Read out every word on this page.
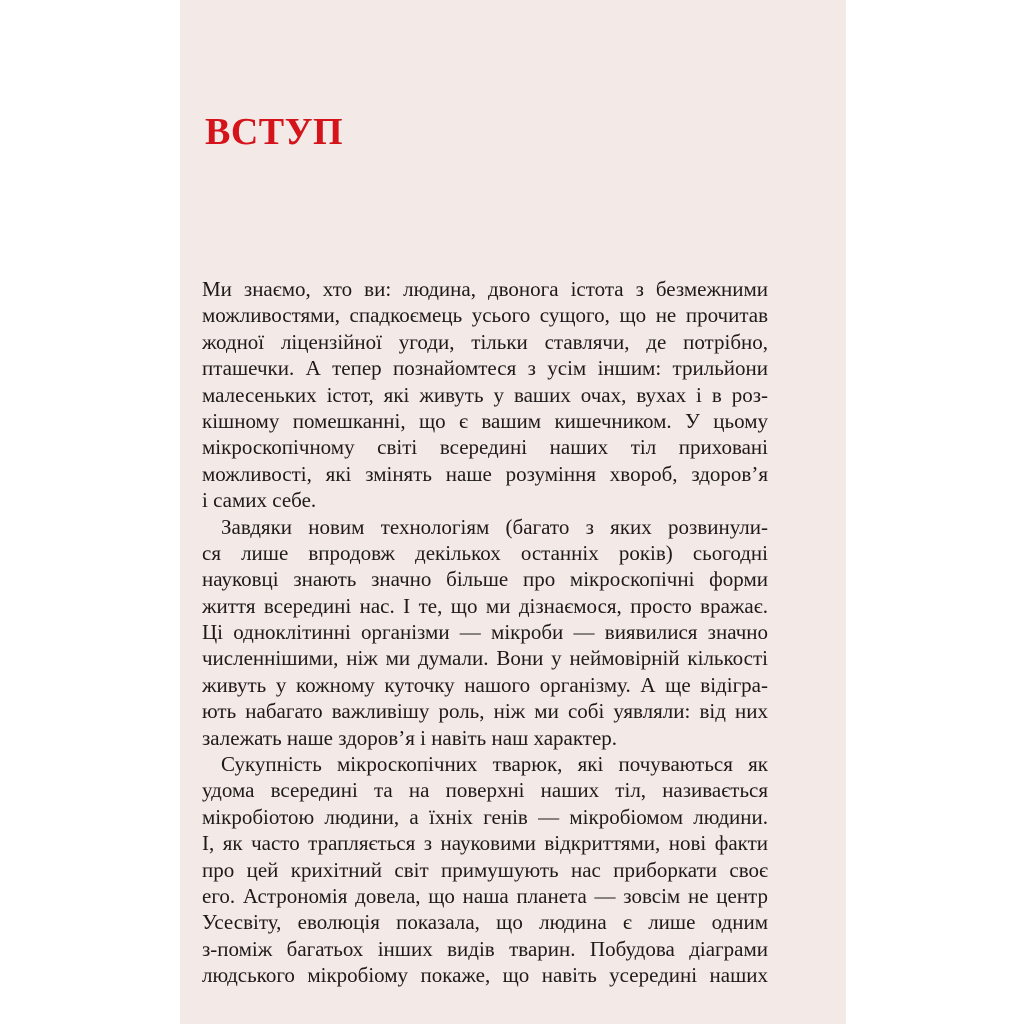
ВСТУП
Ми знаємо, хто ви: людина, двонога істота з безмежними
можливостями, спадкоємець усього сущого, що не прочитав
жодної ліцензійної угоди, тільки ставлячи, де потрібно,
пташечки. А тепер познайомтеся з усім іншим: трильйони
малесеньких істот, які живуть у ваших очах, вухах і в роз-
кішному помешканні, що є вашим кишечником. У цьому
мікроскопічному світі всередині наших тіл приховані
можливості, які змінять наше розуміння хвороб, здоров’я
і самих себе.
Завдяки новим технологіям (багато з яких розвинули-
ся лише впродовж декількох останніх років) сьогодні
науковці знають значно більше про мікроскопічні форми
життя всередині нас. І те, що ми дізнаємося, просто вражає.
Ці одноклітинні організми — мікроби — виявилися значно
численнішими, ніж ми думали. Вони у неймовірній кількості
живуть у кожному куточку нашого організму. А ще відігра-
ють набагато важливішу роль, ніж ми собі уявляли: від них
залежать наше здоров’я і навіть наш характер.
Сукупність мікроскопічних тварюк, які почуваються як
удома всередині та на поверхні наших тіл, називається
мікробіотою людини, а їхніх генів — мікробіомом людини.
І, як часто трапляється з науковими відкриттями, нові факти
про цей крихітний світ примушують нас приборкати своє
его. Астрономія довела, що наша планета — зовсім не центр
Усесвіту, еволюція показала, що людина є лише одним
з-поміж багатьох інших видів тварин. Побудова діаграми
людського мікробіому покаже, що навіть усередині наших
